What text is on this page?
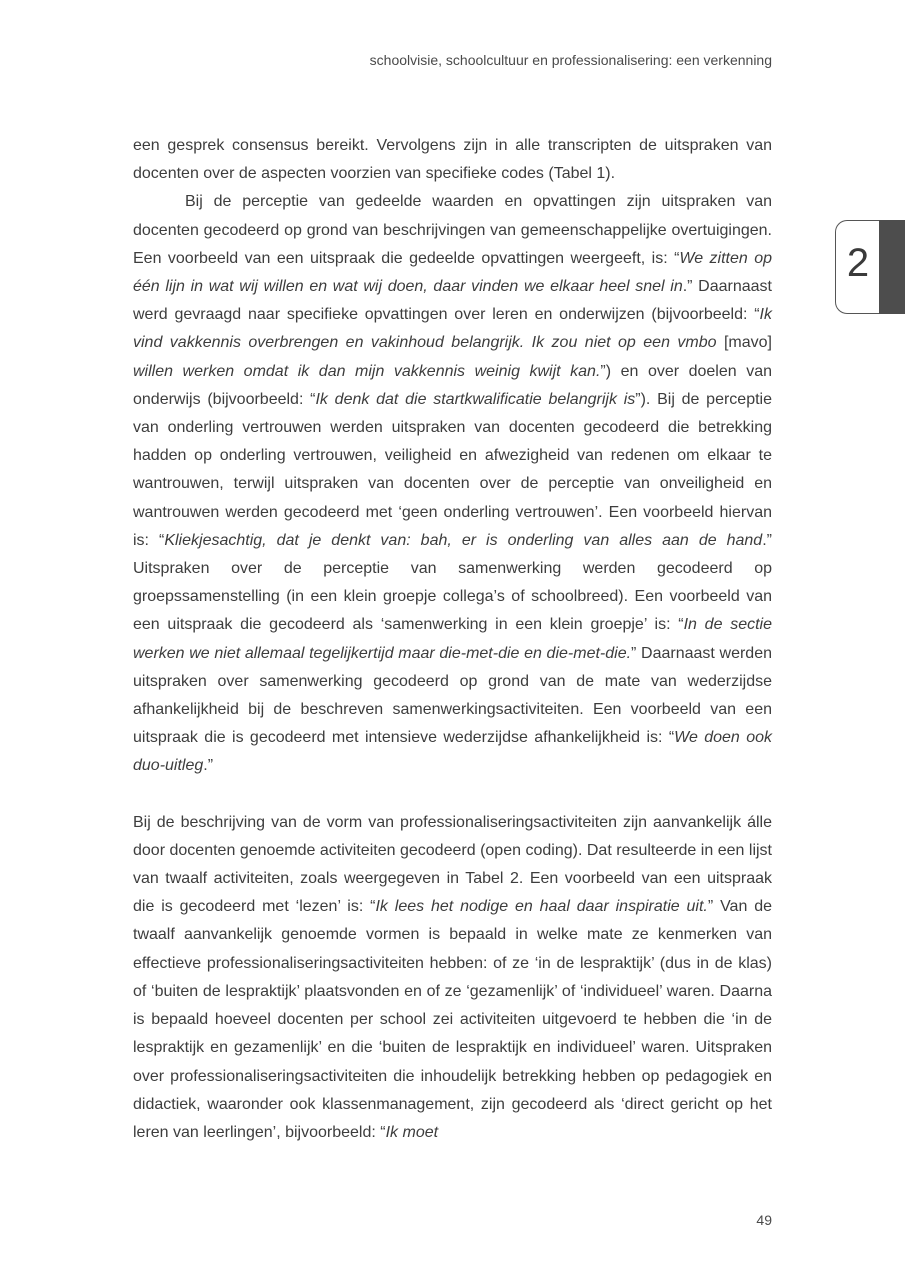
schoolvisie, schoolcultuur en professionalisering: een verkenning
2

een gesprek consensus bereikt. Vervolgens zijn in alle transcripten de uitspraken van docenten over de aspecten voorzien van specifieke codes (Tabel 1).

Bij de perceptie van gedeelde waarden en opvattingen zijn uitspraken van docenten gecodeerd op grond van beschrijvingen van gemeenschappelijke overtuigingen. Een voorbeeld van een uitspraak die gedeelde opvattingen weergeeft, is: “We zitten op één lijn in wat wij willen en wat wij doen, daar vinden we elkaar heel snel in.” Daarnaast werd gevraagd naar specifieke opvattingen over leren en onderwijzen (bijvoorbeeld: “Ik vind vakkennis overbrengen en vakinhoud belangrijk. Ik zou niet op een vmbo [mavo] willen werken omdat ik dan mijn vakkennis weinig kwijt kan.”) en over doelen van onderwijs (bijvoorbeeld: “Ik denk dat die startkwalificatie belangrijk is”). Bij de perceptie van onderling vertrouwen werden uitspraken van docenten gecodeerd die betrekking hadden op onderling vertrouwen, veiligheid en afwezigheid van redenen om elkaar te wantrouwen, terwijl uitspraken van docenten over de perceptie van onveiligheid en wantrouwen werden gecodeerd met ‘geen onderling vertrouwen’. Een voorbeeld hiervan is: “Kliekjesachtig, dat je denkt van: bah, er is onderling van alles aan de hand.” Uitspraken over de perceptie van samenwerking werden gecodeerd op groepssamenstelling (in een klein groepje collega’s of schoolbreed). Een voorbeeld van een uitspraak die gecodeerd als ‘samenwerking in een klein groepje’ is: “In de sectie werken we niet allemaal tegelijkertijd maar die-met-die en die-met-die.” Daarnaast werden uitspraken over samenwerking gecodeerd op grond van de mate van wederzijdse afhankelijkheid bij de beschreven samenwerkingsactiviteiten. Een voorbeeld van een uitspraak die is gecodeerd met intensieve wederzijdse afhankelijkheid is: “We doen ook duo-uitleg.”

Bij de beschrijving van de vorm van professionaliseringsactiviteiten zijn aanvankelijk álle door docenten genoemde activiteiten gecodeerd (open coding). Dat resulteerde in een lijst van twaalf activiteiten, zoals weergegeven in Tabel 2. Een voorbeeld van een uitspraak die is gecodeerd met ‘lezen’ is: “Ik lees het nodige en haal daar inspiratie uit.” Van de twaalf aanvankelijk genoemde vormen is bepaald in welke mate ze kenmerken van effectieve professionaliseringsactiviteiten hebben: of ze ‘in de lespraktijk’ (dus in de klas) of ‘buiten de lespraktijk’ plaatsvonden en of ze ‘gezamenlijk’ of ‘individueel’ waren. Daarna is bepaald hoeveel docenten per school zei activiteiten uitgevoerd te hebben die ‘in de lespraktijk en gezamenlijk’ en die ‘buiten de lespraktijk en individueel’ waren. Uitspraken over professionaliseringsactiviteiten die inhoudelijk betrekking hebben op pedagogiek en didactiek, waaronder ook klassenmanagement, zijn gecodeerd als ‘direct gericht op het leren van leerlingen’, bijvoorbeeld: “Ik moet

49
